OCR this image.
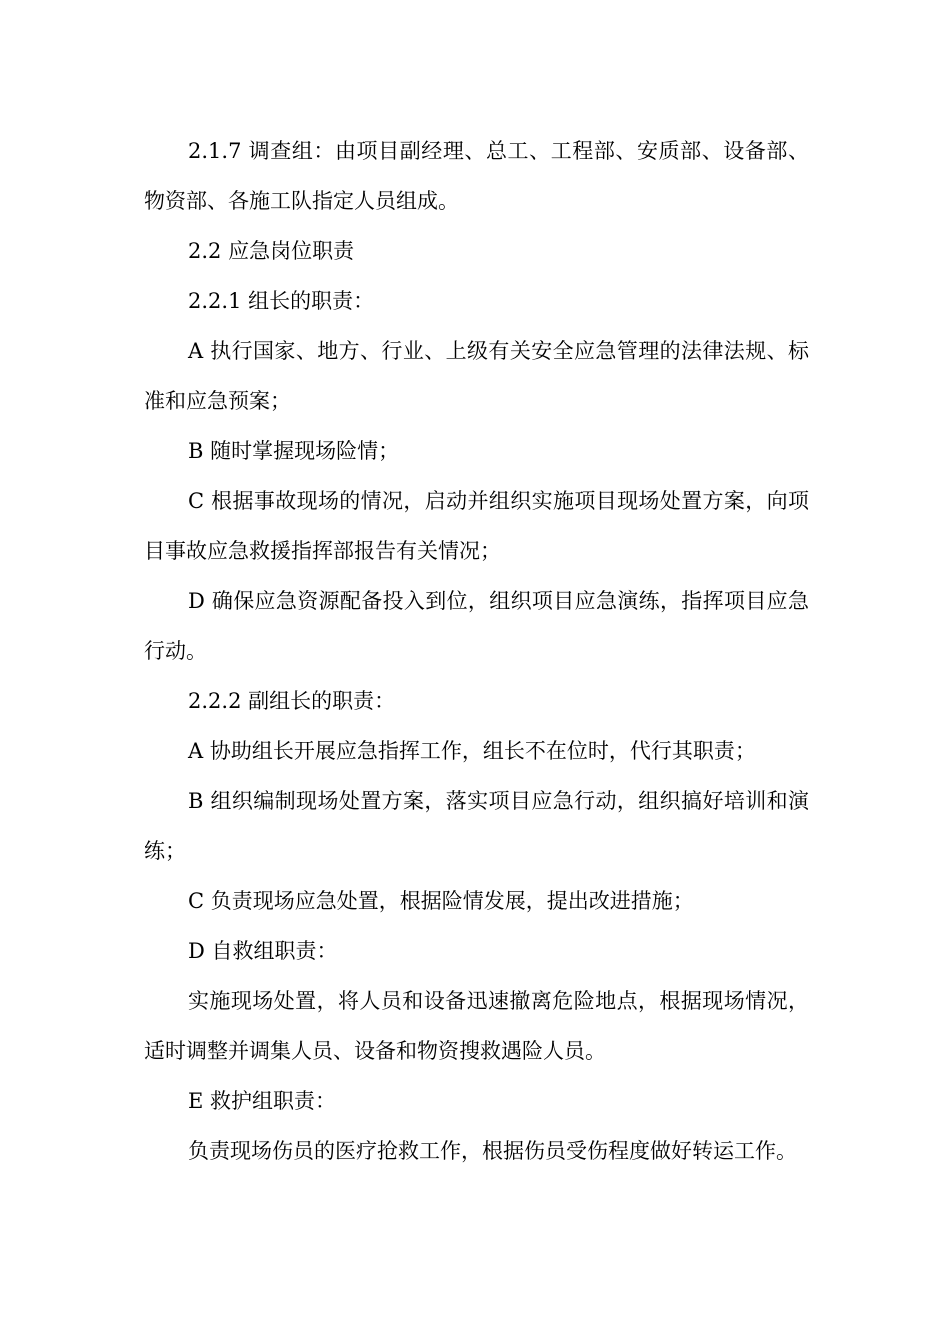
2.1.7 调查组：由项目副经理、总工、工程部、安质部、设备部、物资部、各施工队指定人员组成。

2.2 应急岗位职责

2.2.1 组长的职责：

A 执行国家、地方、行业、上级有关安全应急管理的法律法规、标准和应急预案；

B 随时掌握现场险情；

C 根据事故现场的情况，启动并组织实施项目现场处置方案，向项目事故应急救援指挥部报告有关情况；

D 确保应急资源配备投入到位，组织项目应急演练，指挥项目应急行动。

2.2.2 副组长的职责：

A 协助组长开展应急指挥工作，组长不在位时，代行其职责；

B 组织编制现场处置方案，落实项目应急行动，组织搞好培训和演练；

C 负责现场应急处置，根据险情发展，提出改进措施；

D 自救组职责：

实施现场处置，将人员和设备迅速撤离危险地点，根据现场情况，适时调整并调集人员、设备和物资搜救遇险人员。

E 救护组职责：

负责现场伤员的医疗抢救工作，根据伤员受伤程度做好转运工作。
